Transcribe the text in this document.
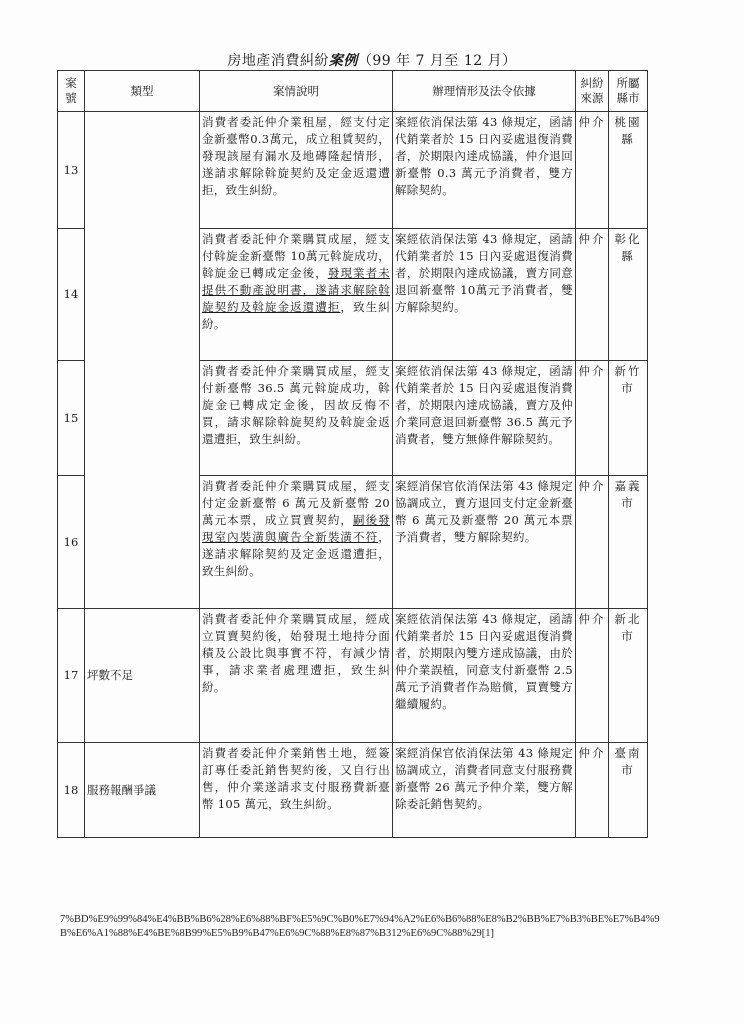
房地產消費糾紛案例（99 年 7 月至 12 月）
案號	類型	案情說明	辦理情形及法令依據	糾紛來源	所屬縣市
13		消費者委託仲介業租屋，經支付定金新臺幣0.3萬元，成立租賃契約，發現該屋有漏水及地磚隆起情形，遂請求解除斡旋契約及定金返還遭拒，致生糾紛。	案經依消保法第 43 條規定，函請代銷業者於 15 日內妥處退復消費者，於期限內達成協議，仲介退回新臺幣 0.3 萬元予消費者，雙方解除契約。	仲介	桃園縣
14		消費者委託仲介業購買成屋，經支付斡旋金新臺幣 10萬元斡旋成功，斡旋金已轉成定金後，發現業者未提供不動產說明書，遂請求解除斡旋契約及斡旋金返還遭拒，致生糾紛。	案經依消保法第 43 條規定，函請代銷業者於 15 日內妥處退復消費者，於期限內達成協議，賣方同意退回新臺幣 10萬元予消費者，雙方解除契約。	仲介	彰化縣
15		消費者委託仲介業購買成屋，經支付新臺幣 36.5 萬元斡旋成功，斡旋金已轉成定金後，因故反悔不買，請求解除斡旋契約及斡旋金返還遭拒，致生糾紛。	案經依消保法第 43 條規定，函請代銷業者於 15 日內妥處退復消費者，於期限內達成協議，賣方及仲介業同意退回新臺幣 36.5 萬元予消費者，雙方無條件解除契約。	仲介	新竹市
16		消費者委託仲介業購買成屋，經支付定金新臺幣 6 萬元及新臺幣 20 萬元本票，成立買賣契約，嗣後發現室內裝潢與廣告全新裝潢不符，遂請求解除契約及定金返還遭拒，致生糾紛。	案經消保官依消保法第 43 條規定協調成立，賣方退回支付定金新臺幣 6 萬元及新臺幣 20 萬元本票予消費者，雙方解除契約。	仲介	嘉義市
17	坪數不足	消費者委託仲介業購買成屋，經成立買賣契約後，始發現土地持分面積及公設比與事實不符，有減少情事，請求業者處理遭拒，致生糾紛。	案經依消保法第 43 條規定，函請代銷業者於 15 日內妥處退復消費者，於期限內雙方達成協議，由於仲介業誤植，同意支付新臺幣 2.5 萬元予消費者作為賠償，買賣雙方繼續履約。	仲介	新北市
18	服務報酬爭議	消費者委託仲介業銷售土地，經簽訂專任委託銷售契約後，又自行出售，仲介業遂請求支付服務費新臺幣 105 萬元，致生糾紛。	案經消保官依消保法第 43 條規定協調成立，消費者同意支付服務費新臺幣 26 萬元予仲介業，雙方解除委託銷售契約。	仲介	臺南市
7%BD%E9%99%84%E4%BB%B6%28%E6%88%BF%E5%9C%B0%E7%94%A2%E6%B6%88%E8%B2%BB%E7%B3%BE%E7%B4%9B%E6%A1%88%E4%BE%8B99%E5%B9%B47%E6%9C%88%E8%87%B312%E6%9C%88%29[1]
